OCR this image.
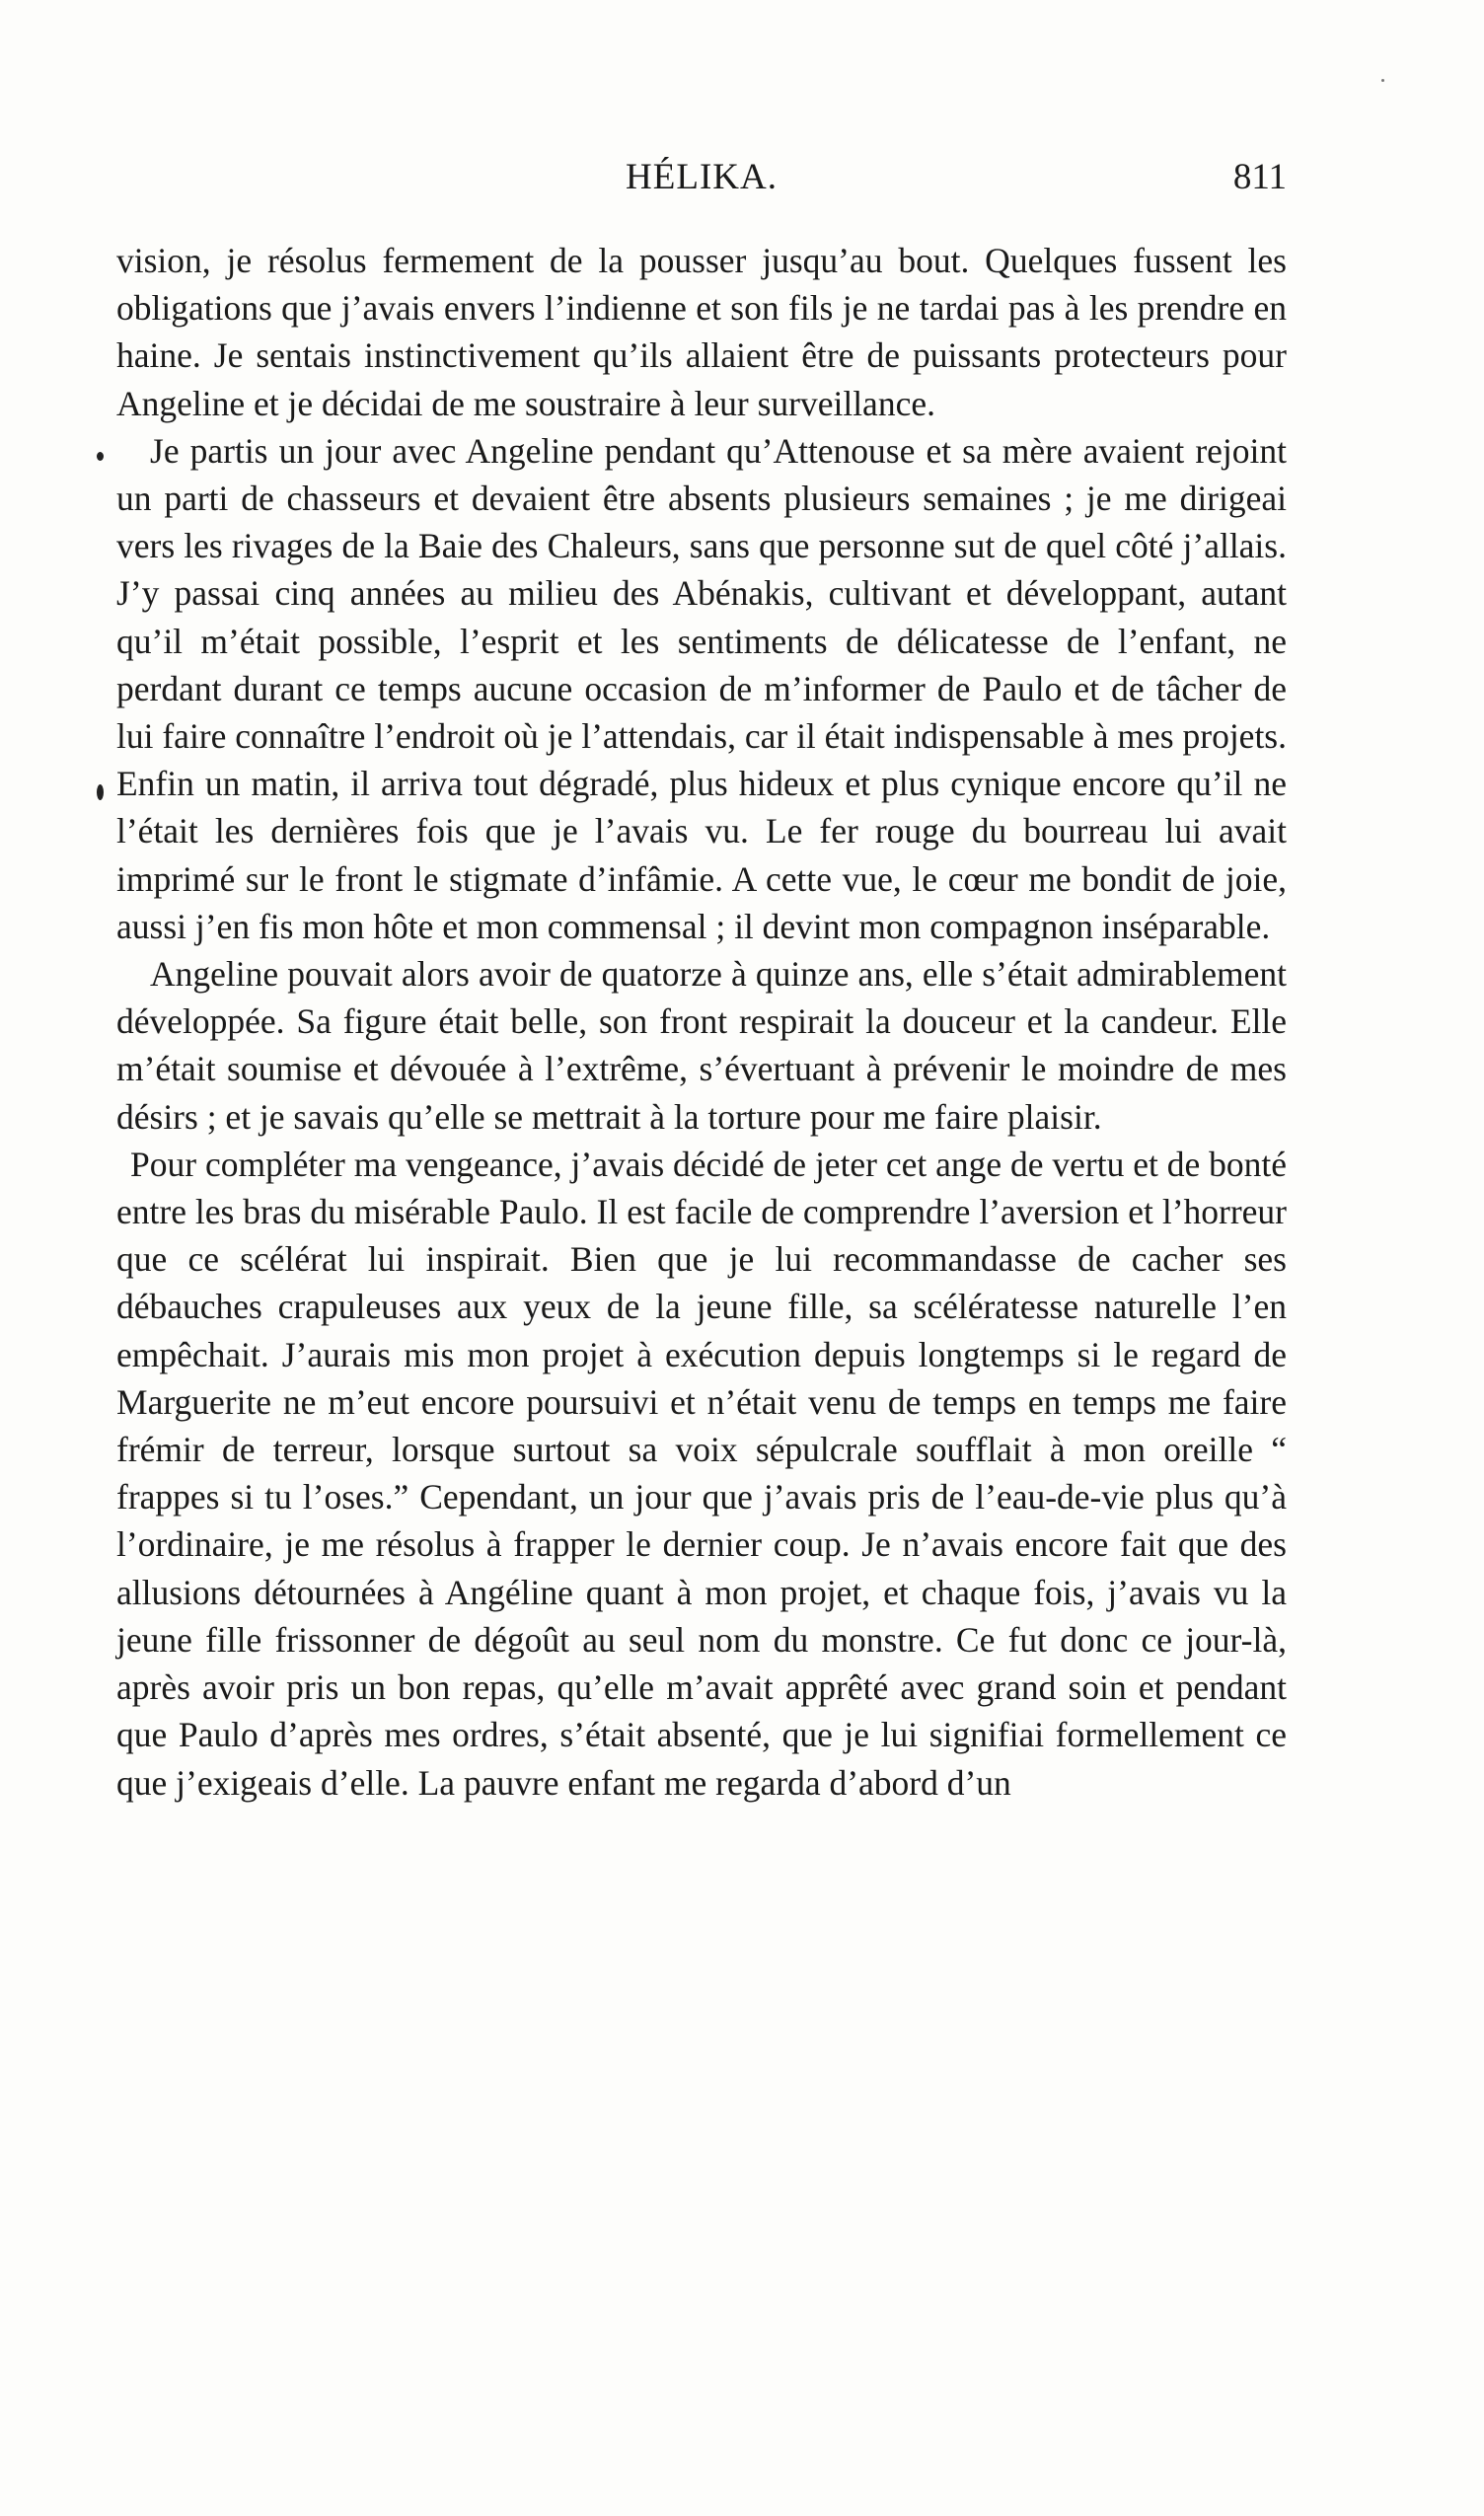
HÉLIKA.	811

vision, je résolus fermement de la pousser jusqu’au bout. Quelques fussent les obligations que j’avais envers l’indienne et son fils je ne tardai pas à les prendre en haine. Je sentais instinctivement qu’ils allaient être de puissants protecteurs pour Angeline et je décidai de me soustraire à leur surveillance.

Je partis un jour avec Angeline pendant qu’Attenouse et sa mère avaient rejoint un parti de chasseurs et devaient être absents plusieurs semaines ; je me dirigeai vers les rivages de la Baie des Chaleurs, sans que personne sut de quel côté j’allais. J’y passai cinq années au milieu des Abénakis, cultivant et développant, autant qu’il m’était possible, l’esprit et les sentiments de délicatesse de l’enfant, ne perdant durant ce temps aucune occasion de m’informer de Paulo et de tâcher de lui faire connaître l’endroit où je l’attendais, car il était indispensable à mes projets. Enfin un matin, il arriva tout dégradé, plus hideux et plus cynique encore qu’il ne l’était les dernières fois que je l’avais vu. Le fer rouge du bourreau lui avait imprimé sur le front le stigmate d’infâmie. A cette vue, le cœur me bondit de joie, aussi j’en fis mon hôte et mon commensal ; il devint mon compagnon inséparable.

Angeline pouvait alors avoir de quatorze à quinze ans, elle s’était admirablement développée. Sa figure était belle, son front respirait la douceur et la candeur. Elle m’était soumise et dévouée à l’extrême, s’évertuant à prévenir le moindre de mes désirs ; et je savais qu’elle se mettrait à la torture pour me faire plaisir.

Pour compléter ma vengeance, j’avais décidé de jeter cet ange de vertu et de bonté entre les bras du misérable Paulo. Il est facile de comprendre l’aversion et l’horreur que ce scélérat lui inspirait. Bien que je lui recommandasse de cacher ses débauches crapuleuses aux yeux de la jeune fille, sa scélératesse naturelle l’en empêchait. J’aurais mis mon projet à exécution depuis longtemps si le regard de Marguerite ne m’eut encore poursuivi et n’était venu de temps en temps me faire frémir de terreur, lorsque surtout sa voix sépulcrale soufflait à mon oreille “ frappes si tu l’oses.” Cependant, un jour que j’avais pris de l’eau-de-vie plus qu’à l’ordinaire, je me résolus à frapper le dernier coup. Je n’avais encore fait que des allusions détournées à Angéline quant à mon projet, et chaque fois, j’avais vu la jeune fille frissonner de dégoût au seul nom du monstre. Ce fut donc ce jour-là, après avoir pris un bon repas, qu’elle m’avait apprêté avec grand soin et pendant que Paulo d’après mes ordres, s’était absenté, que je lui signifiai formellement ce que j’exigeais d’elle. La pauvre enfant me regarda d’abord d’un
